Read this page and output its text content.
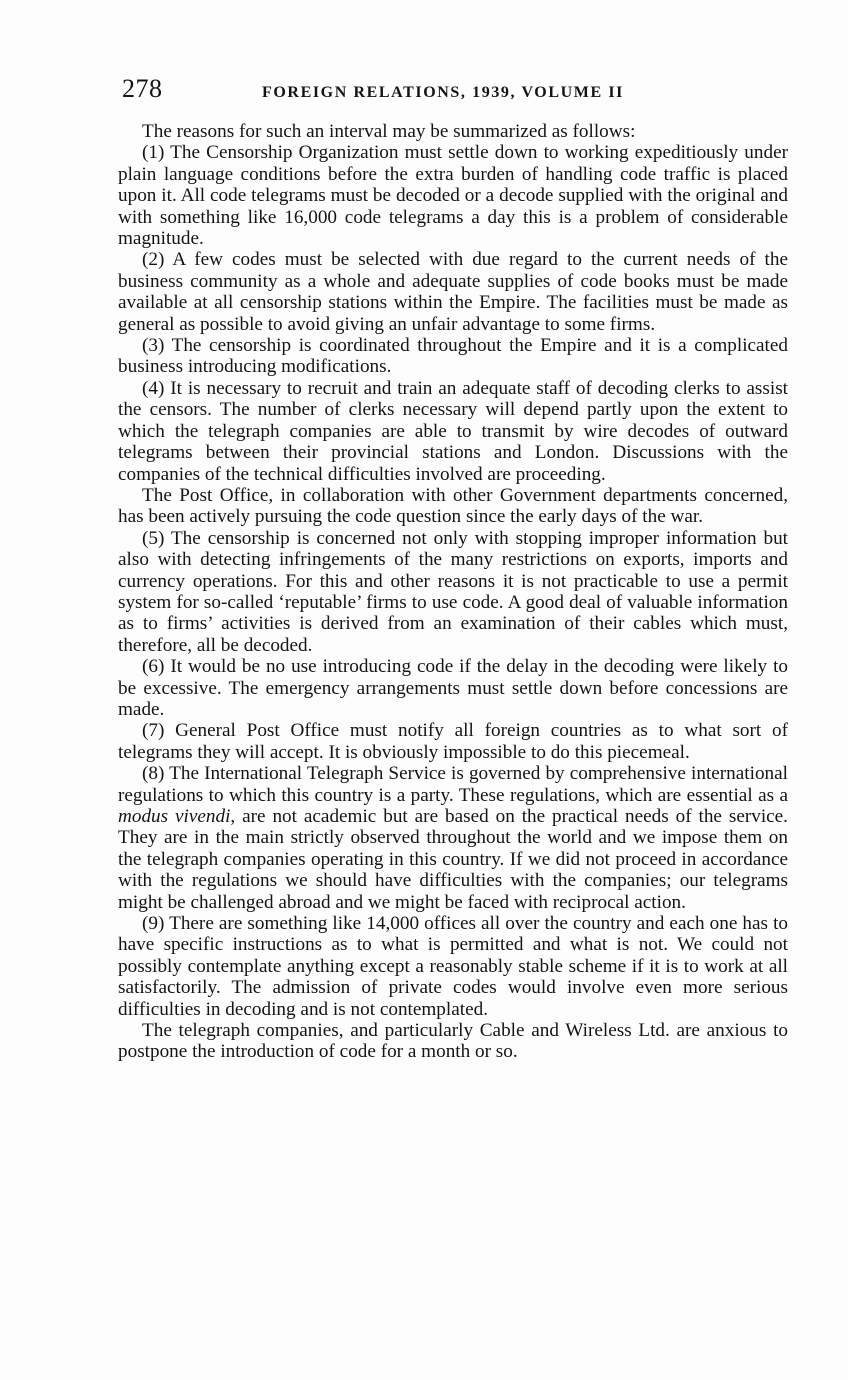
278	FOREIGN RELATIONS, 1939, VOLUME II

The reasons for such an interval may be summarized as follows:

(1) The Censorship Organization must settle down to working expeditiously under plain language conditions before the extra burden of handling code traffic is placed upon it. All code telegrams must be decoded or a decode supplied with the original and with something like 16,000 code telegrams a day this is a problem of considerable magnitude.

(2) A few codes must be selected with due regard to the current needs of the business community as a whole and adequate supplies of code books must be made available at all censorship stations within the Empire. The facilities must be made as general as possible to avoid giving an unfair advantage to some firms.

(3) The censorship is coordinated throughout the Empire and it is a complicated business introducing modifications.

(4) It is necessary to recruit and train an adequate staff of decoding clerks to assist the censors. The number of clerks necessary will depend partly upon the extent to which the telegraph companies are able to transmit by wire decodes of outward telegrams between their provincial stations and London. Discussions with the companies of the technical difficulties involved are proceeding.

The Post Office, in collaboration with other Government departments concerned, has been actively pursuing the code question since the early days of the war.

(5) The censorship is concerned not only with stopping improper information but also with detecting infringements of the many restrictions on exports, imports and currency operations. For this and other reasons it is not practicable to use a permit system for so-called ‘reputable’ firms to use code. A good deal of valuable information as to firms’ activities is derived from an examination of their cables which must, therefore, all be decoded.

(6) It would be no use introducing code if the delay in the decoding were likely to be excessive. The emergency arrangements must settle down before concessions are made.

(7) General Post Office must notify all foreign countries as to what sort of telegrams they will accept. It is obviously impossible to do this piecemeal.

(8) The International Telegraph Service is governed by comprehensive international regulations to which this country is a party. These regulations, which are essential as a modus vivendi, are not academic but are based on the practical needs of the service. They are in the main strictly observed throughout the world and we impose them on the telegraph companies operating in this country. If we did not proceed in accordance with the regulations we should have difficulties with the companies; our telegrams might be challenged abroad and we might be faced with reciprocal action.

(9) There are something like 14,000 offices all over the country and each one has to have specific instructions as to what is permitted and what is not. We could not possibly contemplate anything except a reasonably stable scheme if it is to work at all satisfactorily. The admission of private codes would involve even more serious difficulties in decoding and is not contemplated.

The telegraph companies, and particularly Cable and Wireless Ltd. are anxious to postpone the introduction of code for a month or so.
